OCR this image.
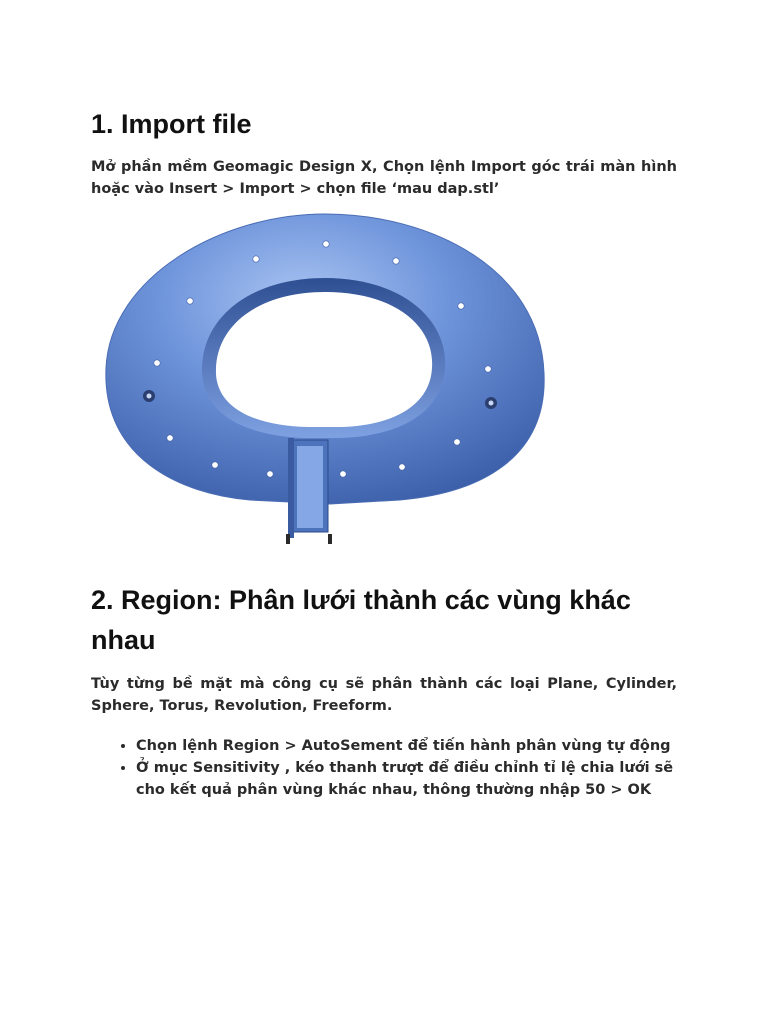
1. Import file

Mở phần mềm Geomagic Design X, Chọn lệnh Import góc trái màn hình hoặc vào Insert > Import > chọn file ‘mau dap.stl’

2. Region: Phân lưới thành các vùng khác nhau

Tùy từng bề mặt mà công cụ sẽ phân thành các loại Plane, Cylinder, Sphere, Torus, Revolution, Freeform.

• Chọn lệnh Region > AutoSement để tiến hành phân vùng tự động
• Ở mục Sensitivity , kéo thanh trượt để điều chỉnh tỉ lệ chia lưới sẽ cho kết quả phân vùng khác nhau, thông thường nhập 50 > OK
